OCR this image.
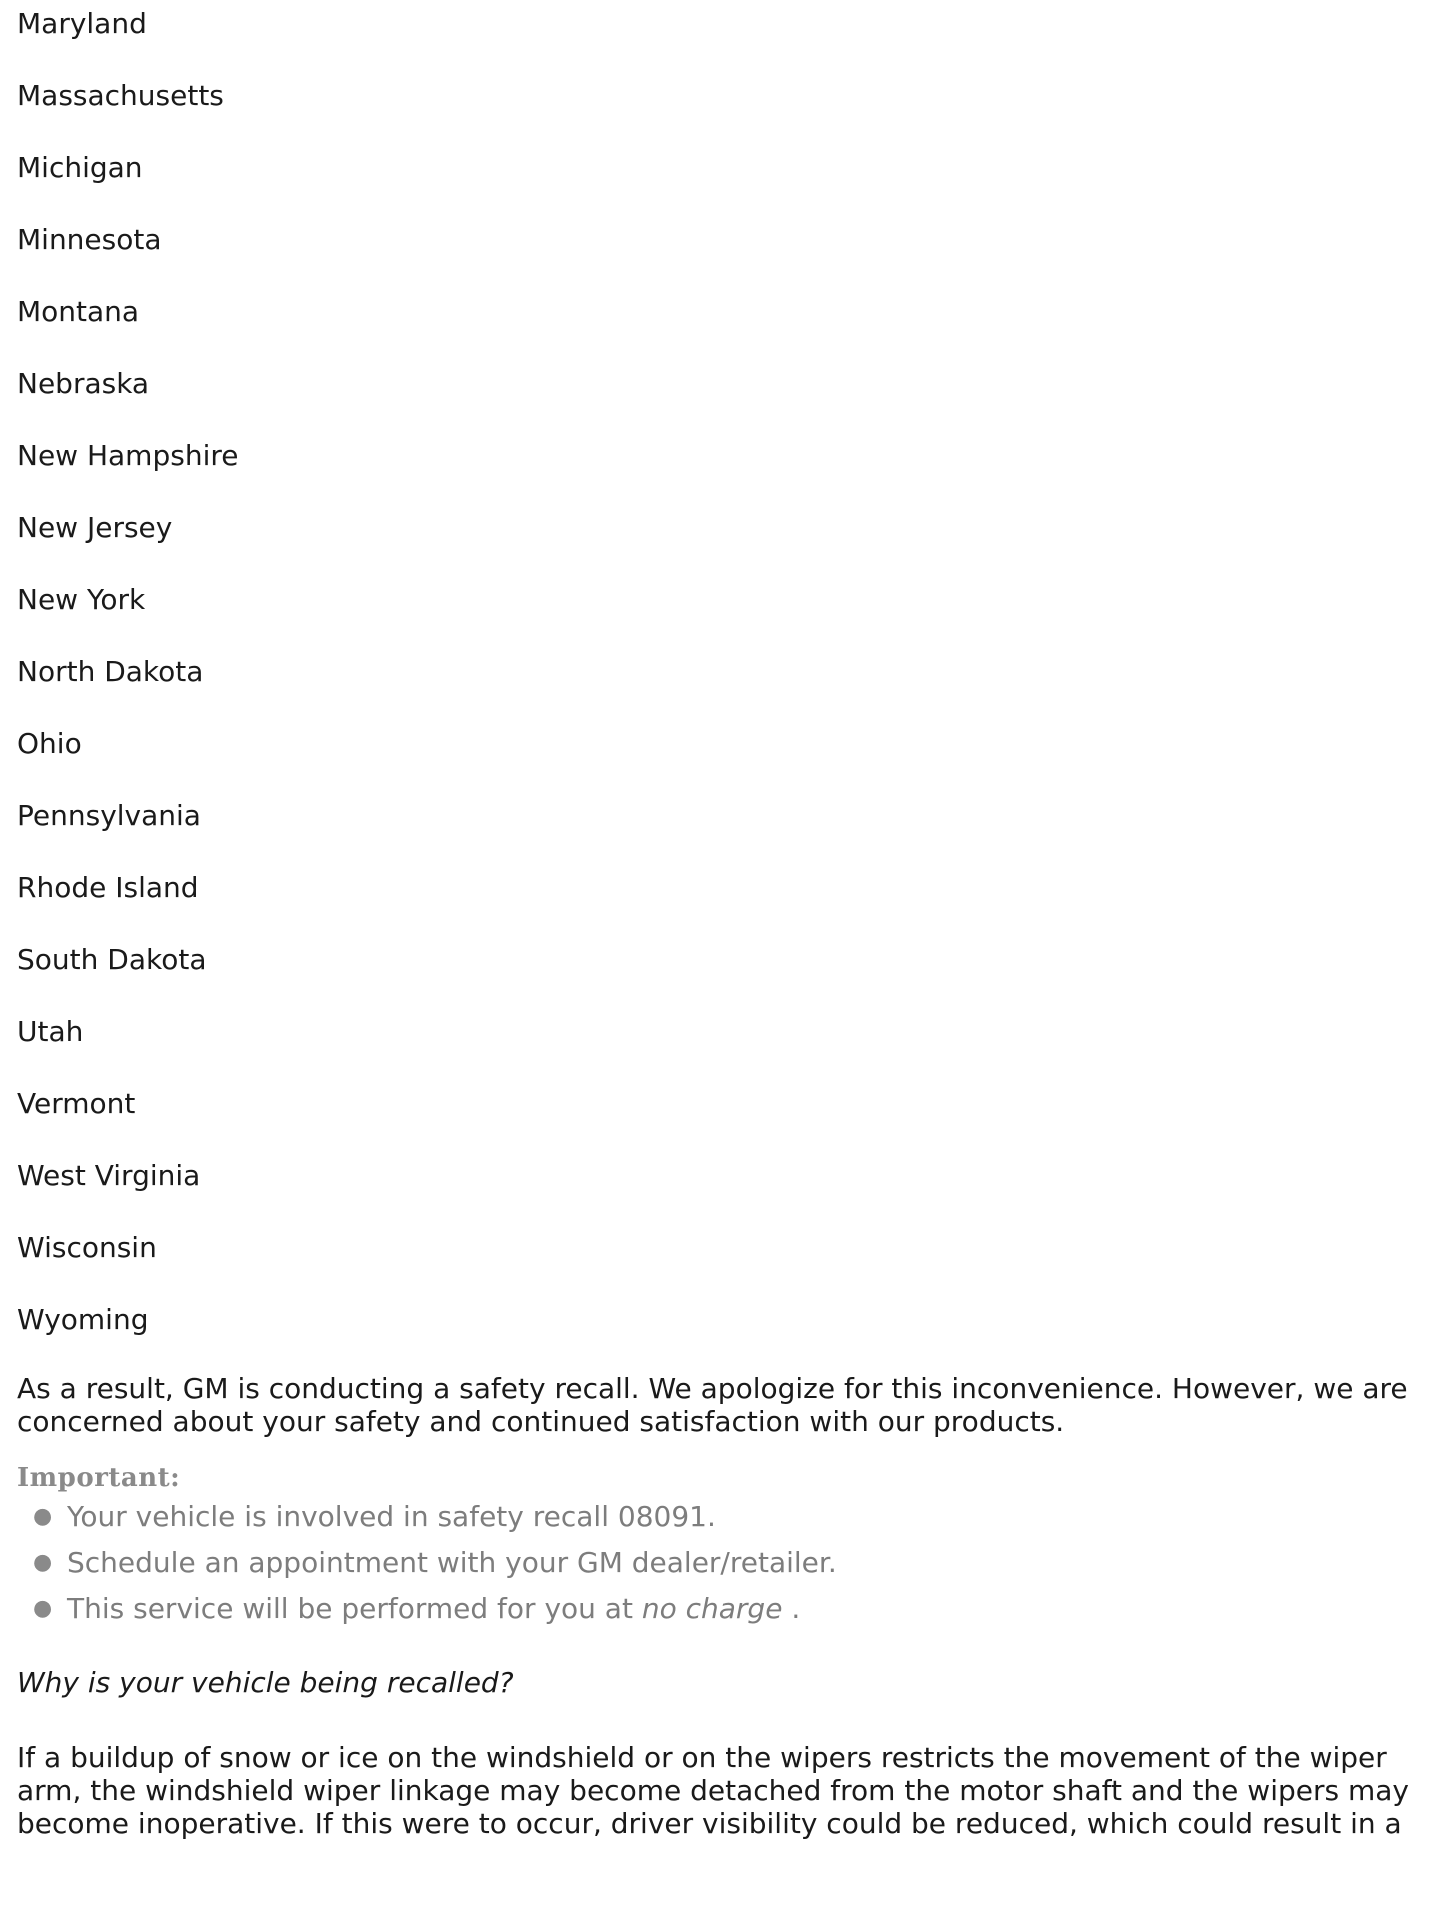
Maryland
Massachusetts
Michigan
Minnesota
Montana
Nebraska
New Hampshire
New Jersey
New York
North Dakota
Ohio
Pennsylvania
Rhode Island
South Dakota
Utah
Vermont
West Virginia
Wisconsin
Wyoming

As a result, GM is conducting a safety recall. We apologize for this inconvenience. However, we are concerned about your safety and continued satisfaction with our products.

Important:
● Your vehicle is involved in safety recall 08091.
● Schedule an appointment with your GM dealer/retailer.
● This service will be performed for you at no charge .

Why is your vehicle being recalled?

If a buildup of snow or ice on the windshield or on the wipers restricts the movement of the wiper arm, the windshield wiper linkage may become detached from the motor shaft and the wipers may become inoperative. If this were to occur, driver visibility could be reduced, which could result in a
